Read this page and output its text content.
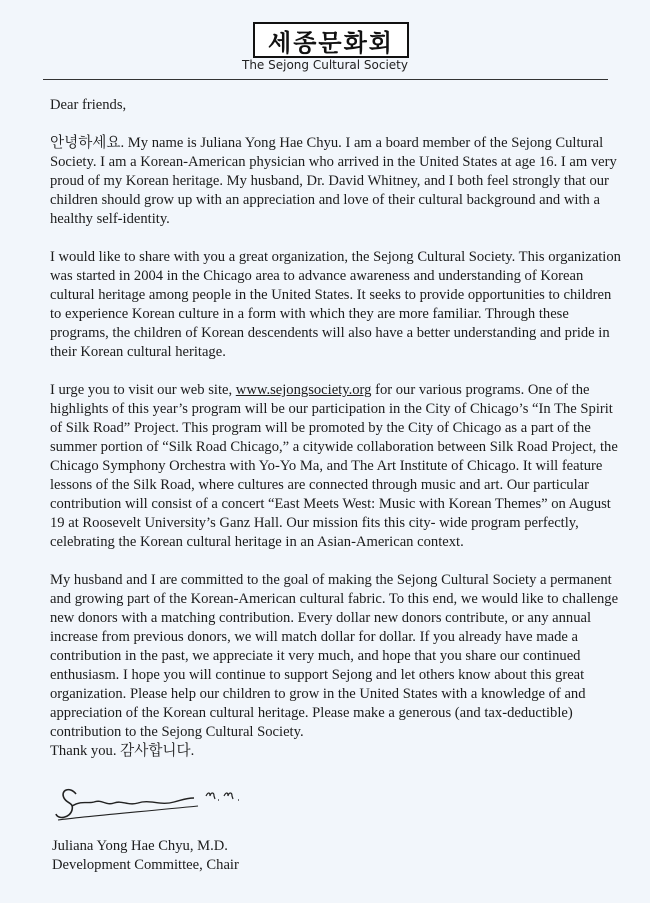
세종문화회
The Sejong Cultural Society

Dear friends,

안녕하세요. My name is Juliana Yong Hae Chyu. I am a board member of the Sejong Cultural Society. I am a Korean-American physician who arrived in the United States at age 16. I am very proud of my Korean heritage. My husband, Dr. David Whitney, and I both feel strongly that our children should grow up with an appreciation and love of their cultural background and with a healthy self-identity.

I would like to share with you a great organization, the Sejong Cultural Society. This organization was started in 2004 in the Chicago area to advance awareness and understanding of Korean cultural heritage among people in the United States. It seeks to provide opportunities to children to experience Korean culture in a form with which they are more familiar. Through these programs, the children of Korean descendents will also have a better understanding and pride in their Korean cultural heritage.

I urge you to visit our web site, www.sejongsociety.org for our various programs. One of the highlights of this year’s program will be our participation in the City of Chicago’s “In The Spirit of Silk Road” Project. This program will be promoted by the City of Chicago as a part of the summer portion of “Silk Road Chicago,” a citywide collaboration between Silk Road Project, the Chicago Symphony Orchestra with Yo-Yo Ma, and The Art Institute of Chicago. It will feature lessons of the Silk Road, where cultures are connected through music and art. Our particular contribution will consist of a concert “East Meets West: Music with Korean Themes” on August 19 at Roosevelt University’s Ganz Hall. Our mission fits this city- wide program perfectly, celebrating the Korean cultural heritage in an Asian-American context.

My husband and I are committed to the goal of making the Sejong Cultural Society a permanent and growing part of the Korean-American cultural fabric. To this end, we would like to challenge new donors with a matching contribution. Every dollar new donors contribute, or any annual increase from previous donors, we will match dollar for dollar. If you already have made a contribution in the past, we appreciate it very much, and hope that you share our continued enthusiasm. I hope you will continue to support Sejong and let others know about this great organization. Please help our children to grow in the United States with a knowledge of and appreciation of the Korean cultural heritage. Please make a generous (and tax-deductible) contribution to the Sejong Cultural Society.

Thank you. 감사합니다.

Juliana Yong Hae Chyu, M.D.
Development Committee, Chair
